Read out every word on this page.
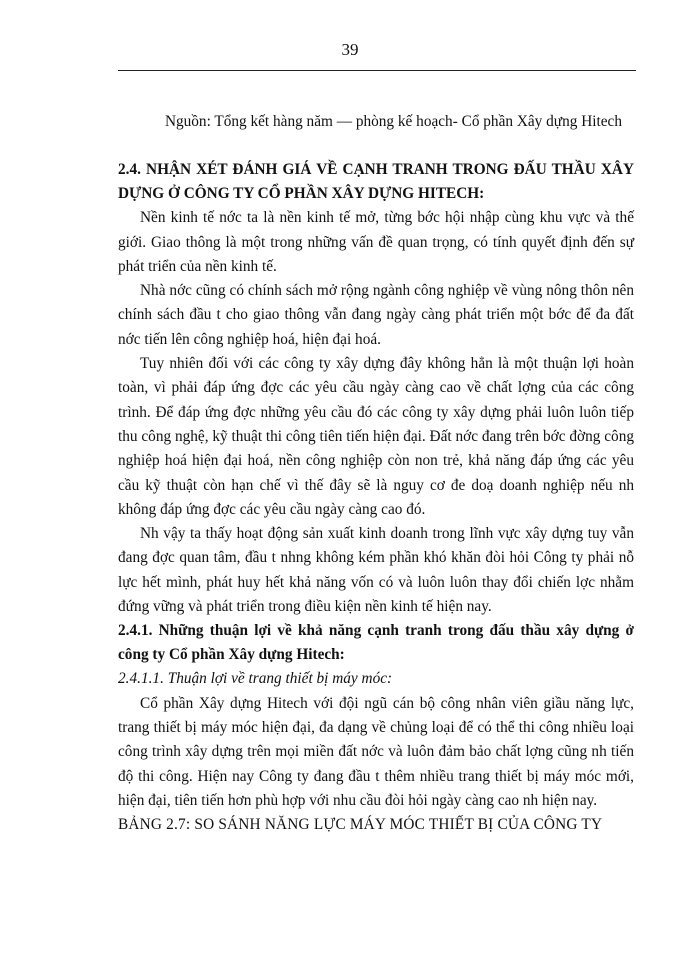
39

Nguồn: Tổng kết hàng năm — phòng kế hoạch- Cổ phần Xây dựng Hitech

2.4. NHẬN XÉT ĐÁNH GIÁ VỀ CẠNH TRANH TRONG ĐẤU THẦU XÂY DỰNG Ở CÔNG TY CỔ PHẦN XÂY DỰNG HITECH:

Nền kinh tế nớc ta là nền kinh tế mở, từng bớc hội nhập cùng khu vực và thế giới. Giao thông là một trong những vấn đề quan trọng, có tính quyết định đến sự phát triển của nền kinh tế.

Nhà nớc cũng có chính sách mở rộng ngành công nghiệp về vùng nông thôn nên chính sách đầu t cho giao thông vẫn đang ngày càng phát triển một bớc để đa đất nớc tiến lên công nghiệp hoá, hiện đại hoá.

Tuy nhiên đối với các công ty xây dựng đây không hẳn là một thuận lợi hoàn toàn, vì phải đáp ứng đợc các yêu cầu ngày càng cao về chất lợng của các công trình. Để đáp ứng đợc những yêu cầu đó các công ty xây dựng phải luôn luôn tiếp thu công nghệ, kỹ thuật thi công tiên tiến hiện đại. Đất nớc đang trên bớc đờng công nghiệp hoá hiện đại hoá, nền công nghiệp còn non trẻ, khả năng đáp ứng các yêu cầu kỹ thuật còn hạn chế vì thế đây sẽ là nguy cơ đe doạ doanh nghiệp nếu nh không đáp ứng đợc các yêu cầu ngày càng cao đó.

Nh vậy ta thấy hoạt động sản xuất kinh doanh trong lĩnh vực xây dựng tuy vẫn đang đợc quan tâm, đầu t nhng không kém phần khó khăn đòi hỏi Công ty phải nỗ lực hết mình, phát huy hết khả năng vốn có và luôn luôn thay đổi chiến lợc nhằm đứng vững và phát triển trong điều kiện nền kinh tế hiện nay.

2.4.1. Những thuận lợi về khả năng cạnh tranh trong đấu thầu xây dựng ở công ty Cổ phần Xây dựng Hitech:

2.4.1.1. Thuận lợi về trang thiết bị máy móc:

Cổ phần Xây dựng Hitech với đội ngũ cán bộ công nhân viên giầu năng lực, trang thiết bị máy móc hiện đại, đa dạng về chủng loại để có thể thi công nhiều loại công trình xây dựng trên mọi miền đất nớc và luôn đảm bảo chất lợng cũng nh tiến độ thi công. Hiện nay Công ty đang đầu t thêm nhiều trang thiết bị máy móc mới, hiện đại, tiên tiến hơn phù hợp với nhu cầu đòi hỏi ngày càng cao nh hiện nay.

BẢNG 2.7: SO SÁNH NĂNG LỰC MÁY MÓC THIẾT BỊ CỦA CÔNG TY
